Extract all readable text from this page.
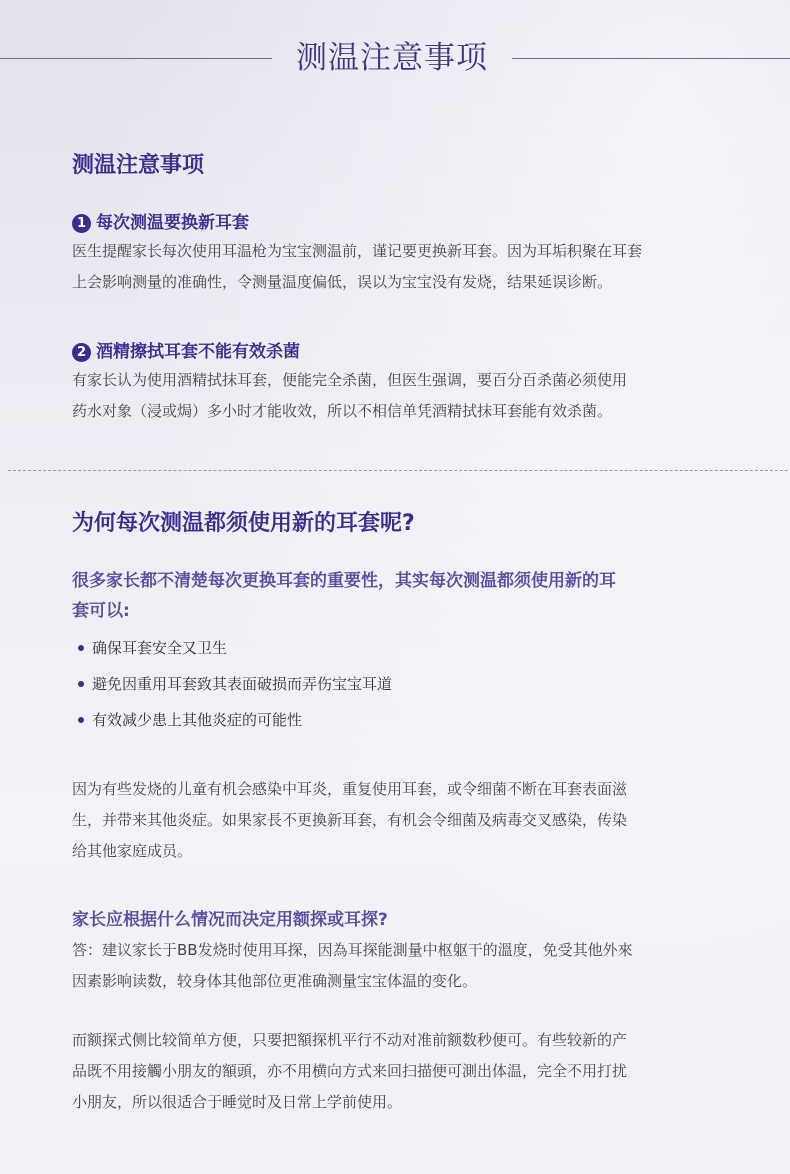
测温注意事项
测温注意事项
1 每次测温要换新耳套

医生提醒家长每次使用耳温枪为宝宝测温前，谨记要更换新耳套。因为耳垢积聚在耳套

上会影响测量的准确性，令测量温度偏低，误以为宝宝没有发烧，结果延误诊断。

2 酒精擦拭耳套不能有效杀菌

有家长认为使用酒精拭抹耳套，便能完全杀菌，但医生强调，要百分百杀菌必须使用

药水对象（浸或焗）多小时才能收效，所以不相信单凭酒精拭抹耳套能有效杀菌。

为何每次测温都须使用新的耳套呢?

很多家长都不清楚每次更换耳套的重要性，其实每次测温都须使用新的耳

套可以:

确保耳套安全又卫生
避免因重用耳套致其表面破损而弄伤宝宝耳道
有效减少患上其他炎症的可能性

因为有些发烧的儿童有机会感染中耳炎，重复使用耳套，或令细菌不断在耳套表面滋

生，并带来其他炎症。如果家長不更換新耳套，有机会令细菌及病毒交叉感染，传染

给其他家庭成员。

家长应根据什么情况而决定用额探或耳探?

答：建议家长于BB发烧时使用耳探，因為耳探能測量中枢躯干的溫度，免受其他外來

因素影响读数，较身体其他部位更准确测量宝宝体温的变化。

而额探式侧比较简单方便，只要把額探机平行不动对准前额数秒便可。有些较新的产

品既不用接觸小朋友的額頭，亦不用横向方式来回扫描便可測出体温，完全不用打扰

小朋友，所以很适合于睡觉时及日常上学前使用。
